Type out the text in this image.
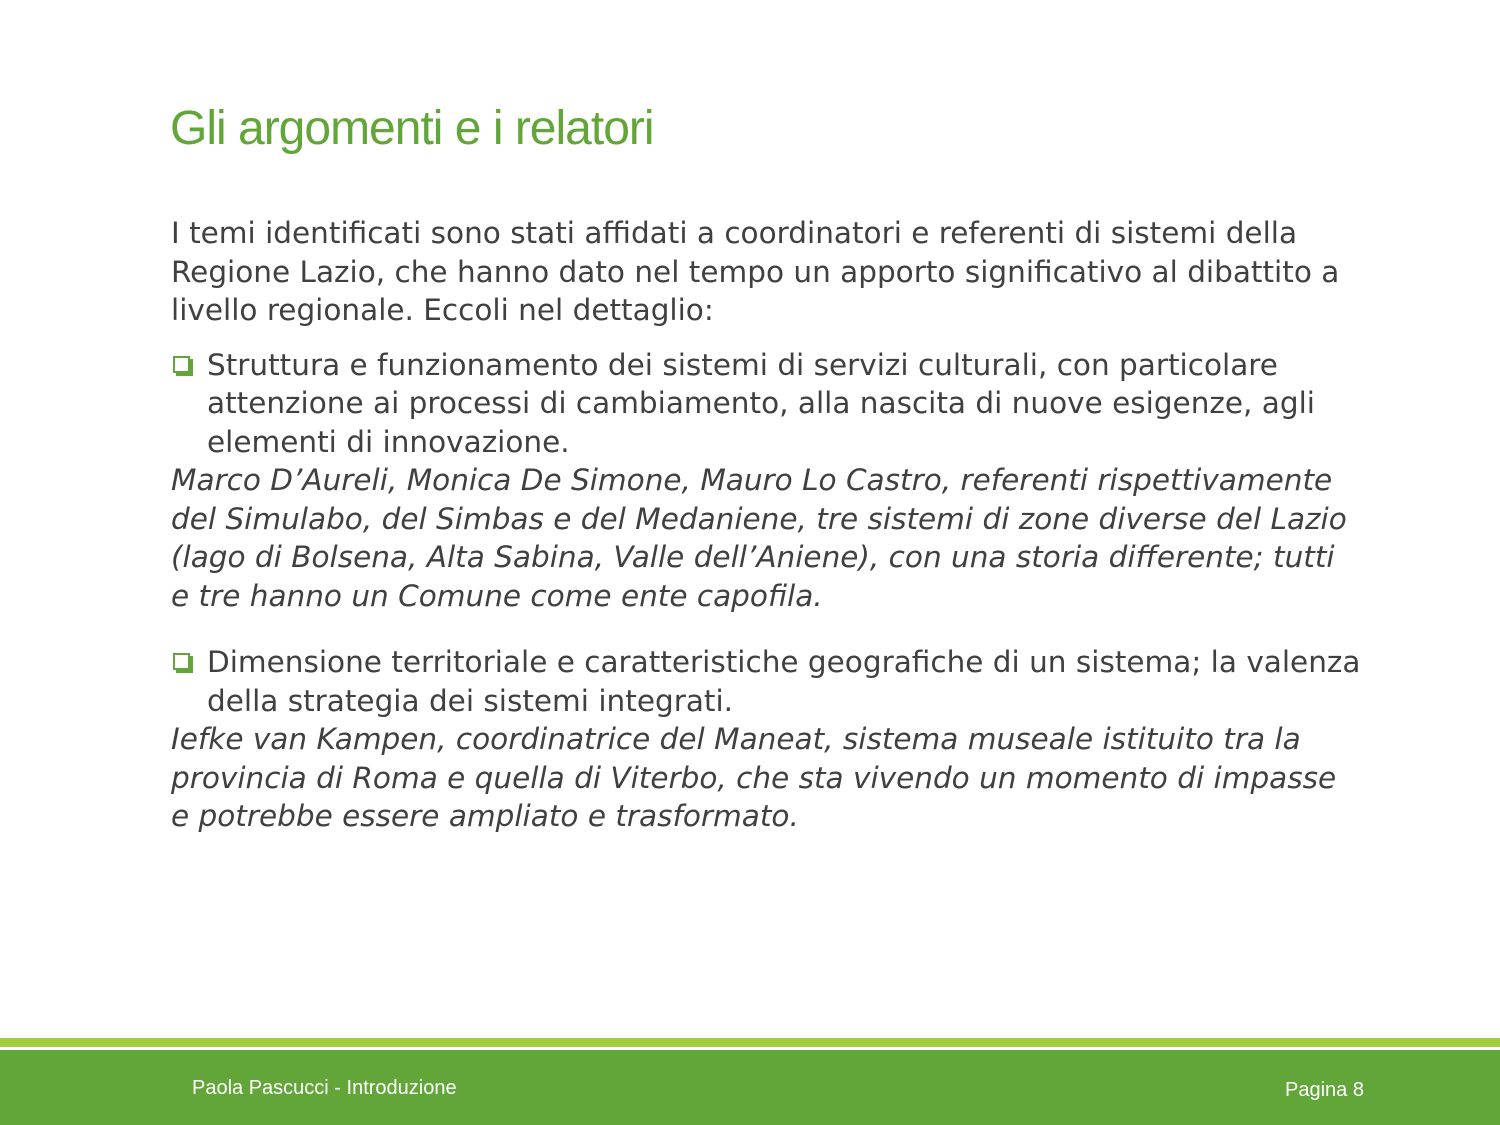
Gli argomenti e i relatori

I temi identificati sono stati affidati a coordinatori e referenti di sistemi della Regione Lazio, che hanno dato nel tempo un apporto significativo al dibattito a livello regionale. Eccoli nel dettaglio:

Struttura e funzionamento dei sistemi di servizi culturali, con particolare attenzione ai processi di cambiamento, alla nascita di nuove esigenze, agli elementi di innovazione.

Marco D’Aureli, Monica De Simone, Mauro Lo Castro, referenti rispettivamente del Simulabo, del Simbas e del Medaniene, tre sistemi di zone diverse del Lazio (lago di Bolsena, Alta Sabina, Valle dell’Aniene), con una storia differente; tutti e tre hanno un Comune come ente capofila.

Dimensione territoriale e caratteristiche geografiche di un sistema; la valenza della strategia dei sistemi integrati.

Iefke van Kampen, coordinatrice del Maneat, sistema museale istituito tra la provincia di Roma e quella di Viterbo, che sta vivendo un momento di impasse e potrebbe essere ampliato e trasformato.

Paola Pascucci - Introduzione	Pagina 8
